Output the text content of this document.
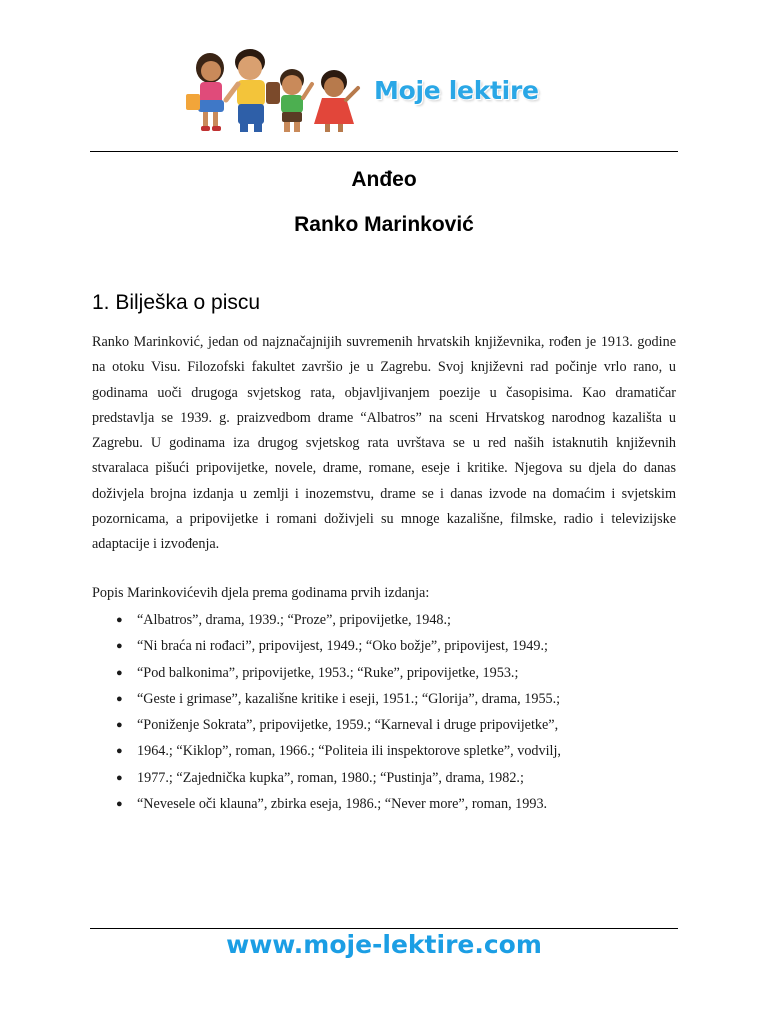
Moje lektire
Anđeo
Ranko Marinković
1. Bilješka o piscu
Ranko Marinković, jedan od najznačajnijih suvremenih hrvatskih književnika, rođen je 1913. godine na otoku Visu. Filozofski fakultet završio je u Zagrebu. Svoj književni rad počinje vrlo rano, u godinama uoči drugoga svjetskog rata, objavljivanjem poezije u časopisima. Kao dramatičar predstavlja se 1939. g. praizvedbom drame “Albatros” na sceni Hrvatskog narodnog kazališta u Zagrebu. U godinama iza drugog svjetskog rata uvrštava se u red naših istaknutih književnih stvaralaca pišući pripovijetke, novele, drame, romane, eseje i kritike. Njegova su djela do danas doživjela brojna izdanja u zemlji i inozemstvu, drame se i danas izvode na domaćim i svjetskim pozornicama, a pripovijetke i romani doživjeli su mnoge kazališne, filmske, radio i televizijske adaptacije i izvođenja.
Popis Marinkovićevih djela prema godinama prvih izdanja:
● “Albatros”, drama, 1939.; “Proze”, pripovijetke, 1948.;
● “Ni braća ni rođaci”, pripovijest, 1949.; “Oko božje”, pripovijest, 1949.;
● “Pod balkonima”, pripovijetke, 1953.; “Ruke”, pripovijetke, 1953.;
● “Geste i grimase”, kazališne kritike i eseji, 1951.; “Glorija”, drama, 1955.;
● “Poniženje Sokrata”, pripovijetke, 1959.; “Karneval i druge pripovijetke”,
● 1964.; “Kiklop”, roman, 1966.; “Politeia ili inspektorove spletke”, vodvilj,
● 1977.; “Zajednička kupka”, roman, 1980.; “Pustinja”, drama, 1982.;
● “Nevesele oči klauna”, zbirka eseja, 1986.; “Never more”, roman, 1993.
www.moje-lektire.com
